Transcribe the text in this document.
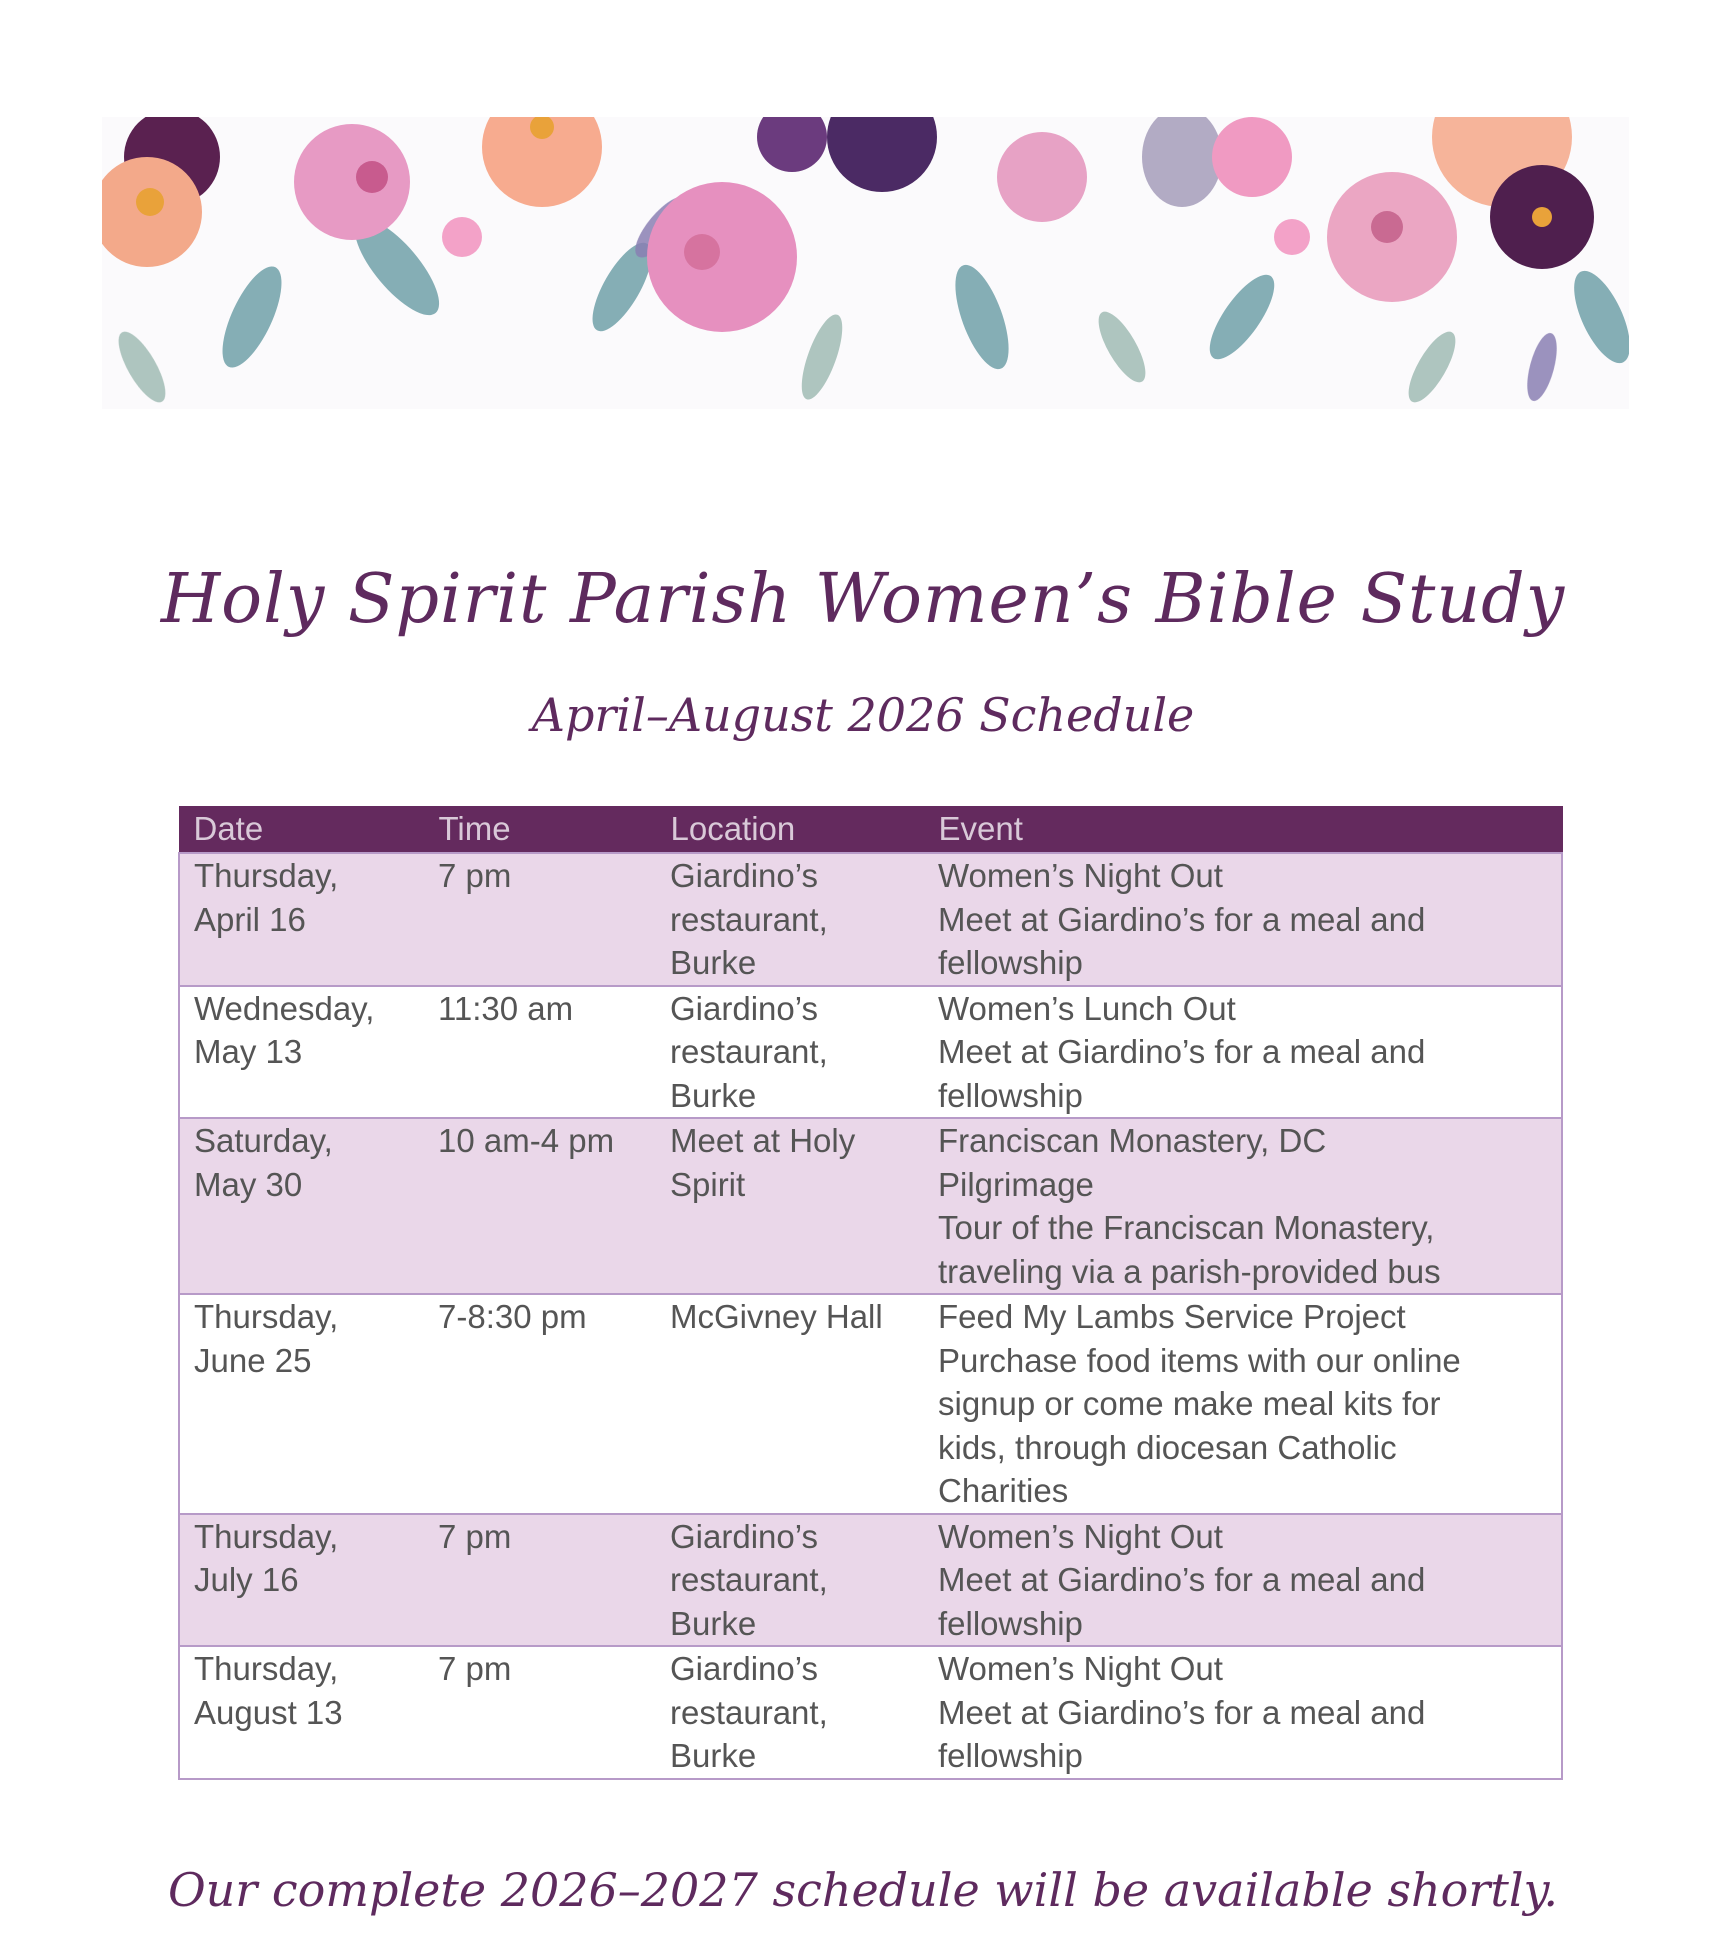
Holy Spirit Parish Women’s Bible Study
April–August 2026 Schedule
Date	Time	Location	Event

Thursday,
April 16	7 pm	Giardino’s
restaurant,
Burke	Women’s Night Out
Meet at Giardino’s for a meal and
fellowship

Wednesday,
May 13	11:30 am	Giardino’s
restaurant,
Burke	Women’s Lunch Out
Meet at Giardino’s for a meal and
fellowship

Saturday,
May 30	10 am-4 pm	Meet at Holy
Spirit	Franciscan Monastery, DC
Pilgrimage
Tour of the Franciscan Monastery,
traveling via a parish-provided bus

Thursday,
June 25	7-8:30 pm	McGivney Hall	Feed My Lambs Service Project
Purchase food items with our online
signup or come make meal kits for
kids, through diocesan Catholic
Charities

Thursday,
July 16	7 pm	Giardino’s
restaurant,
Burke	Women’s Night Out
Meet at Giardino’s for a meal and
fellowship

Thursday,
August 13	7 pm	Giardino’s
restaurant,
Burke	Women’s Night Out
Meet at Giardino’s for a meal and
fellowship
Our complete 2026–2027 schedule will be available shortly.
